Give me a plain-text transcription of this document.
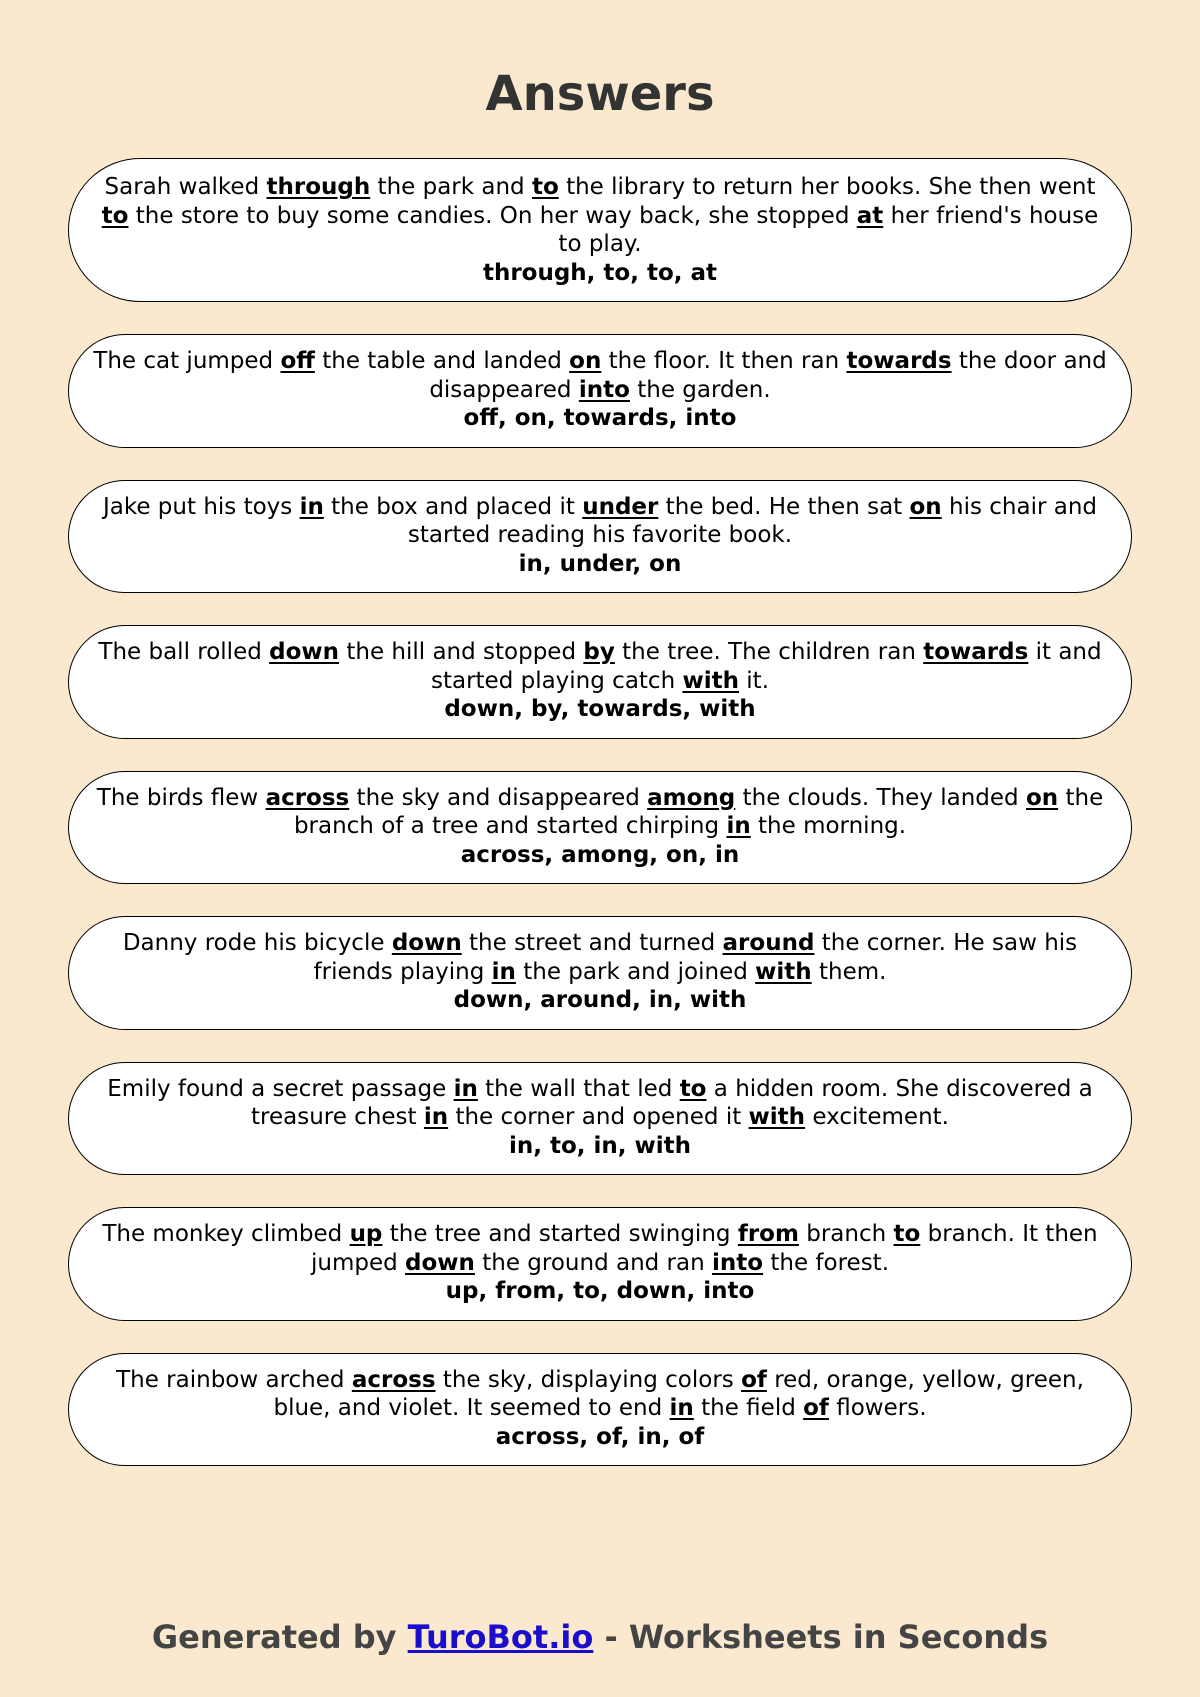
Answers
Sarah walked through the park and to the library to return her books. She then went to the store to buy some candies. On her way back, she stopped at her friend's house to play.
through, to, to, at
The cat jumped off the table and landed on the floor. It then ran towards the door and disappeared into the garden.
off, on, towards, into
Jake put his toys in the box and placed it under the bed. He then sat on his chair and started reading his favorite book.
in, under, on
The ball rolled down the hill and stopped by the tree. The children ran towards it and started playing catch with it.
down, by, towards, with
The birds flew across the sky and disappeared among the clouds. They landed on the branch of a tree and started chirping in the morning.
across, among, on, in
Danny rode his bicycle down the street and turned around the corner. He saw his friends playing in the park and joined with them.
down, around, in, with
Emily found a secret passage in the wall that led to a hidden room. She discovered a treasure chest in the corner and opened it with excitement.
in, to, in, with
The monkey climbed up the tree and started swinging from branch to branch. It then jumped down the ground and ran into the forest.
up, from, to, down, into
The rainbow arched across the sky, displaying colors of red, orange, yellow, green, blue, and violet. It seemed to end in the field of flowers.
across, of, in, of
Generated by TuroBot.io - Worksheets in Seconds
